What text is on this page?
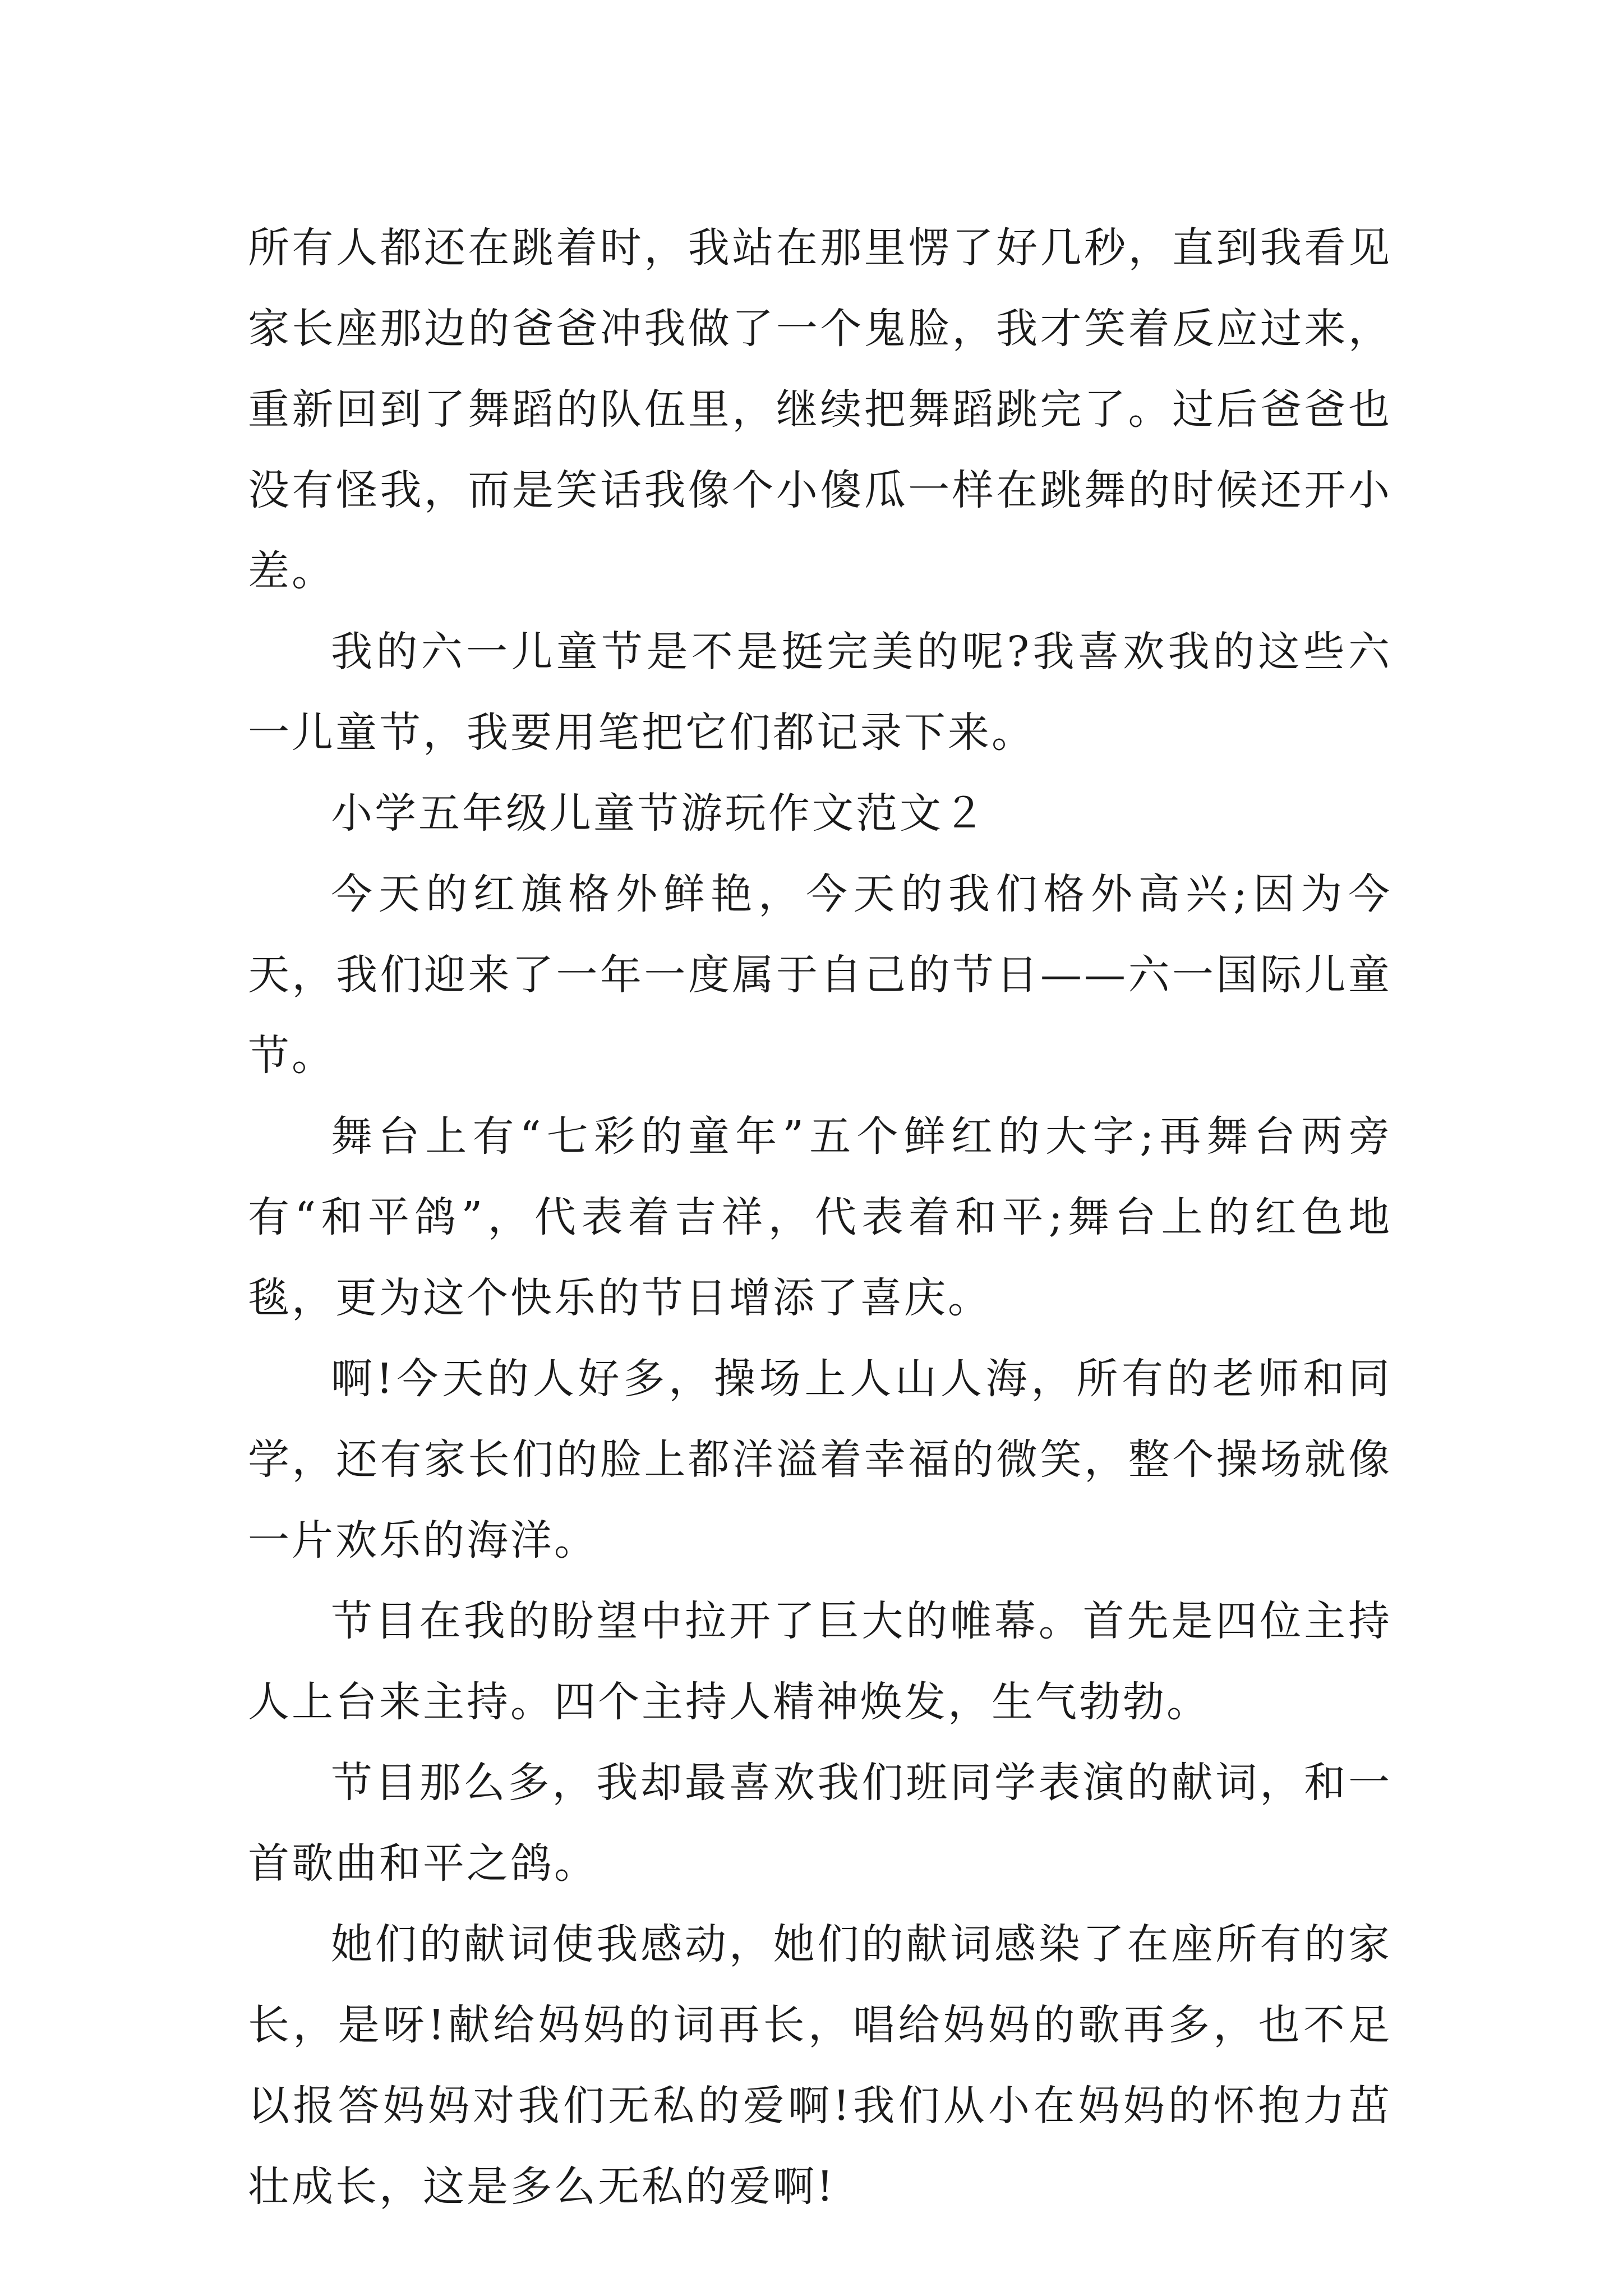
所有人都还在跳着时，我站在那里愣了好几秒，直到我看见家长座那边的爸爸冲我做了一个鬼脸，我才笑着反应过来，重新回到了舞蹈的队伍里，继续把舞蹈跳完了。过后爸爸也没有怪我，而是笑话我像个小傻瓜一样在跳舞的时候还开小差。

我的六一儿童节是不是挺完美的呢?我喜欢我的这些六一儿童节，我要用笔把它们都记录下来。

小学五年级儿童节游玩作文范文２

今天的红旗格外鲜艳，今天的我们格外高兴;因为今天，我们迎来了一年一度属于自己的节日——六一国际儿童节。

舞台上有“七彩的童年”五个鲜红的大字;再舞台两旁有“和平鸽”，代表着吉祥，代表着和平;舞台上的红色地毯，更为这个快乐的节日增添了喜庆。

啊!今天的人好多，操场上人山人海，所有的老师和同学，还有家长们的脸上都洋溢着幸福的微笑，整个操场就像一片欢乐的海洋。

节目在我的盼望中拉开了巨大的帷幕。首先是四位主持人上台来主持。四个主持人精神焕发，生气勃勃。

节目那么多，我却最喜欢我们班同学表演的献词，和一首歌曲和平之鸽。

她们的献词使我感动，她们的献词感染了在座所有的家长，是呀!献给妈妈的词再长，唱给妈妈的歌再多，也不足以报答妈妈对我们无私的爱啊!我们从小在妈妈的怀抱力茁壮成长，这是多么无私的爱啊!
